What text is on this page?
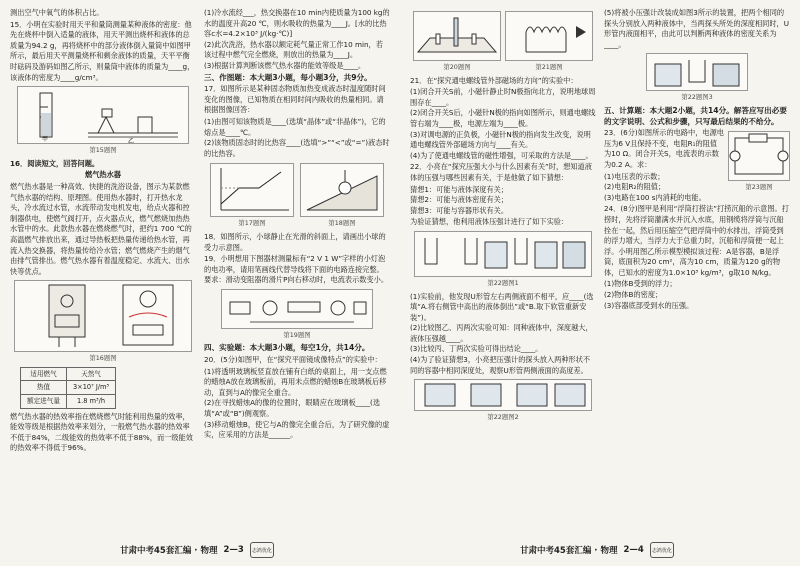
测出空气中氧气的体积占比。

15．小明在实验时用天平和量筒测量某种液体的密度：他先在烧杯中倒入适量的液体，用天平测出烧杯和液体的总质量为94.2 g，再将烧杯中的部分液体倒入量筒中如图甲所示，最后用天平测量烧杯和剩余液体的质量，天平平衡时砝码及游码如图乙所示，则量筒中液体的质量为____g，该液体的密度为____g/cm³。

甲	乙
第15题图

16．阅读短文，回答问题。

燃气热水器

燃气热水器是一种高效、快捷的洗浴设备，图示为某款燃气热水器的结构、原理图。使用热水器时，打开热水龙头，冷水流过水管，水流带动发电机发电，给点火器和控制器供电，使燃气阀打开，点火器点火，燃气燃烧加热热水管中的水。此款热水器在燃烧燃气时，把约1 700 ℃的高温燃气排放出来，通过导热板把热量传递给热水管，再流入热交换器，将热量传给冷水管；燃气燃烧产生的烟气由排气管排出。燃气热水器有着温度稳定、水流大、出水快等优点。

第16题图
适用燃气	天然气
热值	3×10⁷ J/m³
额定进气量	1.8 m³/h

燃气热水器的热效率指在燃烧燃气时能利用热量的效率，能效等级是根据热效率来划分，一般燃气热水器的热效率不低于84%，二级能效的热效率不低于88%，而一级能效的热效率不得低于96%。

(1)冷水流经___，热交换器在10 min内使质量为100 kg的水的温度升高20 ℃，则水吸收的热量为____J。[水的比热容c水=4.2×10³ J/(kg·℃)]
(2)此次洗浴，热水器以额定耗气量正常工作10 min，若该过程中燃气完全燃烧，则放出的热量为____J。
(3)根据计算判断该燃气热水器的能效等级是____。

三、作图题：本大题3小题，每小题3分，共9分。

17．如图所示是某种固态物质加热变成液态时温度随时间变化的图像，已知物质在相同时间内吸收的热量相同。请根据图像回答：

(1)由图可知该物质是____(选填“晶体”或“非晶体”)，它的熔点是____℃。
(2)该物质固态时的比热容____(选填“>”“<”或“=”)液态时的比热容。

第17题图	第18题图

18．如图所示，小球静止在光滑的斜面上，请画出小球的受力示意图。

19．小明想用下图器材测量标有“2 V 1 W”字样的小灯泡的电功率，请用笔画线代替导线将下面的电路连接完整。要求：滑动变阻器的滑片P向右移动时，电流表示数变小。

第19题图

四、实验题：本大题3小题，每空1分，共14分。

20．(5分)如图甲，在“探究平面镜成像特点”的实验中：

(1)将透明玻璃板竖直放在铺有白纸的桌面上，用一支点燃的蜡烛A放在玻璃板前，再用未点燃的蜡烛B在玻璃板后移动，直到与A的像完全重合。
(2)在寻找蜡烛A的像的位置时，眼睛应在玻璃板____(选填“A”或“B”)侧观察。
(3)移动蜡烛B，使它与A的像完全重合后，为了研究像的虚实，应采用的方法是______。

甘肃中考45套汇编 · 物理 2—3	志鸿优化
第20题图	第21题图

21．在“探究通电螺线管外部磁场的方向”的实验中：

(1)闭合开关S前，小磁针静止时N极指向北方，说明地球周围存在____。
(2)闭合开关S后，小磁针N极的指向如图所示，则通电螺线管右端为____极，电源左端为____极。
(3)对调电源的正负极，小磁针N极的指向发生改变，说明通电螺线管外部磁场方向与____有关。
(4)为了使通电螺线管的磁性增强，可采取的方法是____。

22．小亮在“探究压强大小与什么因素有关”时，想知道液体的压强与哪些因素有关，于是他做了如下猜想：

猜想1：可能与液体深度有关；
猜想2：可能与液体密度有关；
猜想3：可能与容器形状有关。

为验证猜想，他利用液体压强计进行了如下实验：

第22题图1

(1)实验前，他发现U形管左右两侧液面不相平，应____(选填“A.将右侧管中高出的液体倒出”或“B.取下软管重新安装”)。
(2)比较图乙、丙两次实验可知：同种液体中，深度越大，液体压强越____。
(3)比较丙、丁两次实验可得出结论____。
(4)为了验证猜想3，小亮把压强计的探头放入两种形状不同的容器中相同深度处，观察U形管两侧液面的高度差。

第22题图2

(5)将被小压强计改装成如图3所示的装置，把两个相同的探头分别放入两种液体中，当两探头所处的深度相同时，U形管内液面相平，由此可以判断两种液体的密度关系为____。

第22题图3

五、计算题：本大题2小题，共14分。解答应写出必要的文字说明、公式和步骤，只写最后结果的不给分。

23．(6分)如图所示的电路中，电源电压为6 V且保持不变，电阻R₁的阻值为10 Ω。闭合开关S，电流表的示数为0.2 A。求：

(1)电压表的示数；
(2)电阻R₂的阻值；
(3)电路在100 s内消耗的电能。

第23题图

24．(8分)图甲是利用“浮筒打捞法”打捞沉船的示意图。打捞时，先将浮筒灌满水并沉入水底，用钢缆将浮筒与沉船拴在一起，然后用压缩空气把浮筒中的水排出，浮筒受到的浮力增大，当浮力大于总重力时，沉船和浮筒便一起上浮。小明用图乙所示模型模拟该过程：A是容器，B是浮筒，底面积为20 cm²，高为10 cm，质量为120 g的物体，已知水的密度为1.0×10³ kg/m³，g取10 N/kg。

(1)物体B受到的浮力；
(2)物体B的密度；
(3)容器底部受到水的压强。

甘肃中考45套汇编 · 物理 2—4	志鸿优化
